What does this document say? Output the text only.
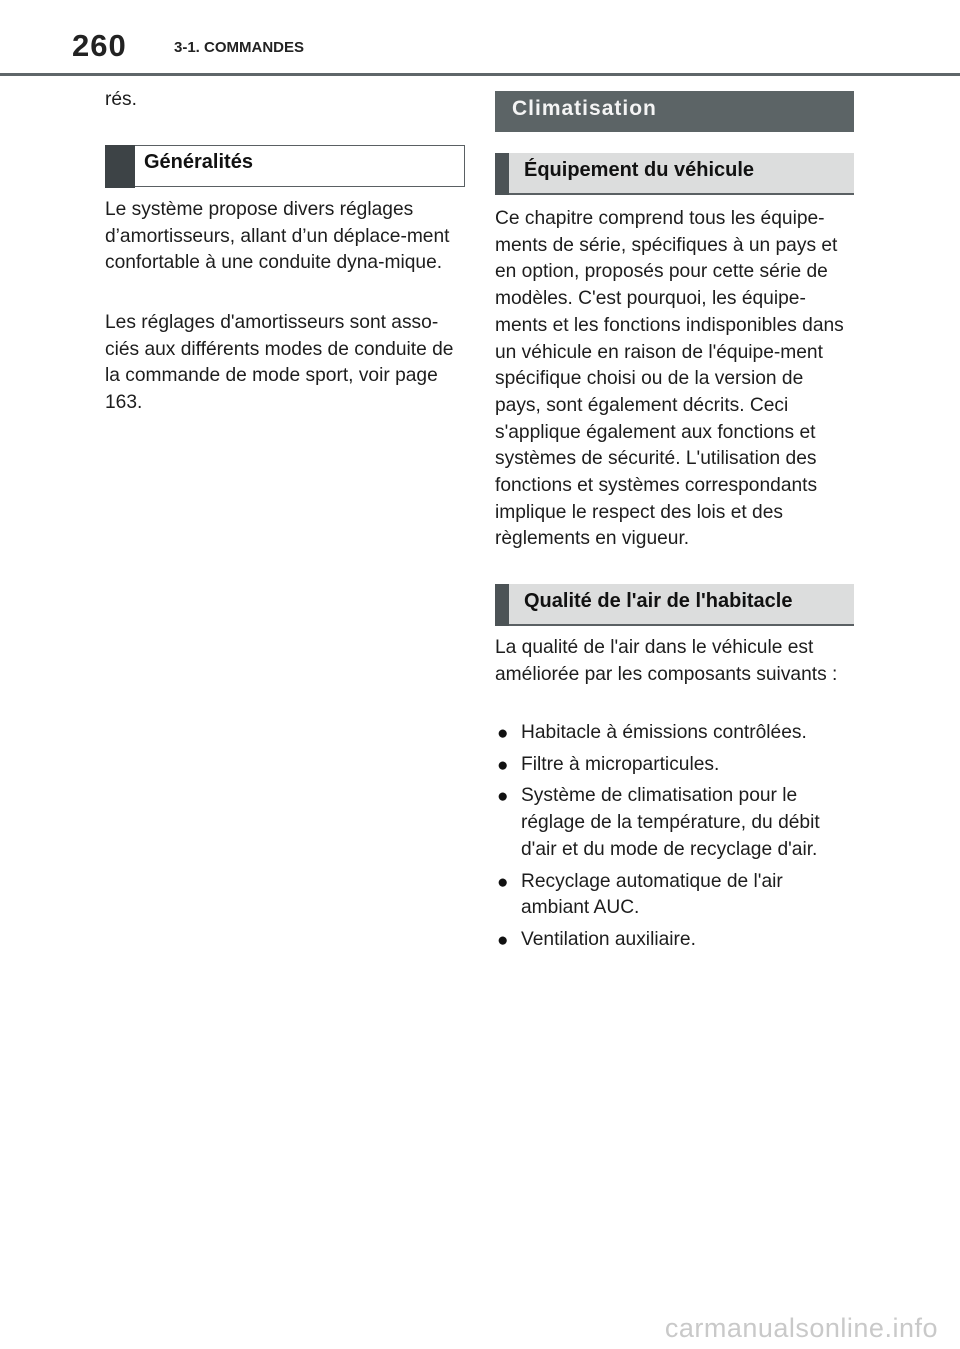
260	3-1. COMMANDES

rés.

Généralités

Le système propose divers réglages d’amortisseurs, allant d’un déplace-ment confortable à une conduite dyna-mique.

Les réglages d'amortisseurs sont asso-ciés aux différents modes de conduite de la commande de mode sport, voir page 163.

Climatisation
Équipement du véhicule

Ce chapitre comprend tous les équipe-ments de série, spécifiques à un pays et en option, proposés pour cette série de modèles. C'est pourquoi, les équipe-ments et les fonctions indisponibles dans un véhicule en raison de l'équipe-ment spécifique choisi ou de la version de pays, sont également décrits. Ceci s'applique également aux fonctions et systèmes de sécurité. L'utilisation des fonctions et systèmes correspondants implique le respect des lois et des règlements en vigueur.

Qualité de l'air de l'habitacle

La qualité de l'air dans le véhicule est améliorée par les composants suivants :

● Habitacle à émissions contrôlées.
● Filtre à microparticules.
● Système de climatisation pour le réglage de la température, du débit d'air et du mode de recyclage d'air.
● Recyclage automatique de l'air ambiant AUC.
● Ventilation auxiliaire.
carmanualsonline.info
